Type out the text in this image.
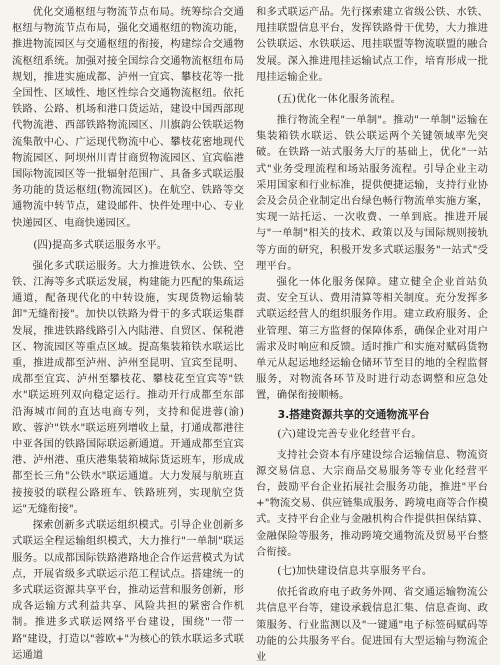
优化交通枢纽与物流节点布局。统筹综合交通枢纽与物流节点布局，强化交通枢纽的物流功能，推进物流园区与交通枢纽的衔接，构建综合交通物流枢纽系统。加强对接全国综合交通物流枢纽布局规划，推进实施成都、泸州一宜宾、攀枝花等一批全国性、区域性、地区性综合交通物流枢纽。依托铁路、公路、机场和港口货运站，建设中国西部现代物流港、西部铁路物流园区、川旗韵公铁联运物流集散中心、广运现代物流中心、攀枝花密地现代物流园区、阿坝州川青甘商贸物流园区、宜宾临港国际物流园区等一批辐射范围广、具备多式联运服务功能的货运枢纽(物流园区)。在航空、铁路等交通物流中转节点，建设邮件、快件处理中心、专业快递园区、电商快递园区。

(四)提高多式联运服务水平。

强化多式联运服务。大力推进铁水、公铁、空铁、江海等多式联运发展，构建能力匹配的集疏运通道，配备现代化的中转设施，实现货物运输装卸"无缝衔接"。加快以铁路为骨干的多式联运集群发展，推进铁路线路引入内陆港、自贸区、保税港区、物流园区等重点区域。提高集装箱铁水联运比重，推进成都至泸州、泸州至昆明、宜宾至昆明、成都至宜宾、泸州至攀枝花、攀枝花至宜宾等"铁水"联运班列双向稳定运行。推动开行成都至东部沿海城市间的直达电商专列，支持和促进蓉(渝)欧、蓉沪"铁水"联运班列增收上量，打通成都港往中亚各国的铁路国际联运新通道。开通成都至宜宾港、泸州港、重庆港集装箱城际货运班车，形成成都至长三角"公铁水"联运通道。大力发展与航班直接接驳的联程公路班车、铁路班列，实现航空货运"无缝衔接"。

探索创新多式联运组织模式。引导企业创新多式联运全程运输组织模式，大力推行"一单制"联运服务。以成都国际铁路港路地企合作运营模式为试点，开展省级多式联运示范工程试点。搭建统一的多式联运资源共享平台，推动运营和服务创新，形成各运输方式利益共享、风险共担的紧密合作机制。推进多式联运网络平台建设，围绕"一带一路"建设，打造以"蓉欧+"为核心的铁水联运多式联运通道

和多式联运产品。先行探索建立省级公铁、水铁、甩挂联盟信息平台，发挥铁路骨干优势，大力推进公铁联运、水铁联运、甩挂联盟等物流联盟的融合发展。深入推进甩挂运输试点工作，培育形成一批甩挂运输企业。

(五)优化一体化服务流程。

推行物流全程"一单制"。推动"一单制"运输在集装箱铁水联运、铁公联运两个关键领域率先突破。在铁路一站式服务大厅的基础上，优化"一站式"业务受理流程和场站服务流程。引导企业主动采用国家和行业标准，提供便捷运输，支持行业协会及会员企业制定出台绿色畅行物流单实施方案，实现一站托运、一次收费、一单到底。推进开展与"一单制"相关的技术、政策以及与国际规则接轨等方面的研究，积极开发多式联运服务"一站式"受理平台。

强化一体化服务保障。建立健全企业首站负责、安全互认、费用清算等相关制度。充分发挥多式联运经营人的组织服务作用。建立政府服务、企业管理、第三方监督的保障体系，确保企业对用户需求及时响应和反馈。适时推广和实施对赋码货物单元从起运地经运输仓储环节至目的地的全程监督服务，对物流各环节及时进行动态调整和应急处置，确保衔接顺畅。

3.搭建资源共享的交通物流平台
(六)建设完善专业化经营平台。

支持社会资本有序建设综合运输信息、物流资源交易信息、大宗商品交易服务等专业化经营平台，鼓励平台企业拓展社会服务功能，推进"平台+"物流交易、供应链集成服务、跨境电商等合作模式。支持平台企业与金融机构合作提供担保结算、金融保险等服务，推动跨境交通物流及贸易平台整合衔接。

(七)加快建设信息共享服务平台。

依托省政府电子政务外网、省交通运输物流公共信息平台等，建设承载信息汇集、信息查询、政策服务、行业监测以及"一键通"电子标签码赋码等功能的公共服务平台。促进国有大型运输与物流企业
